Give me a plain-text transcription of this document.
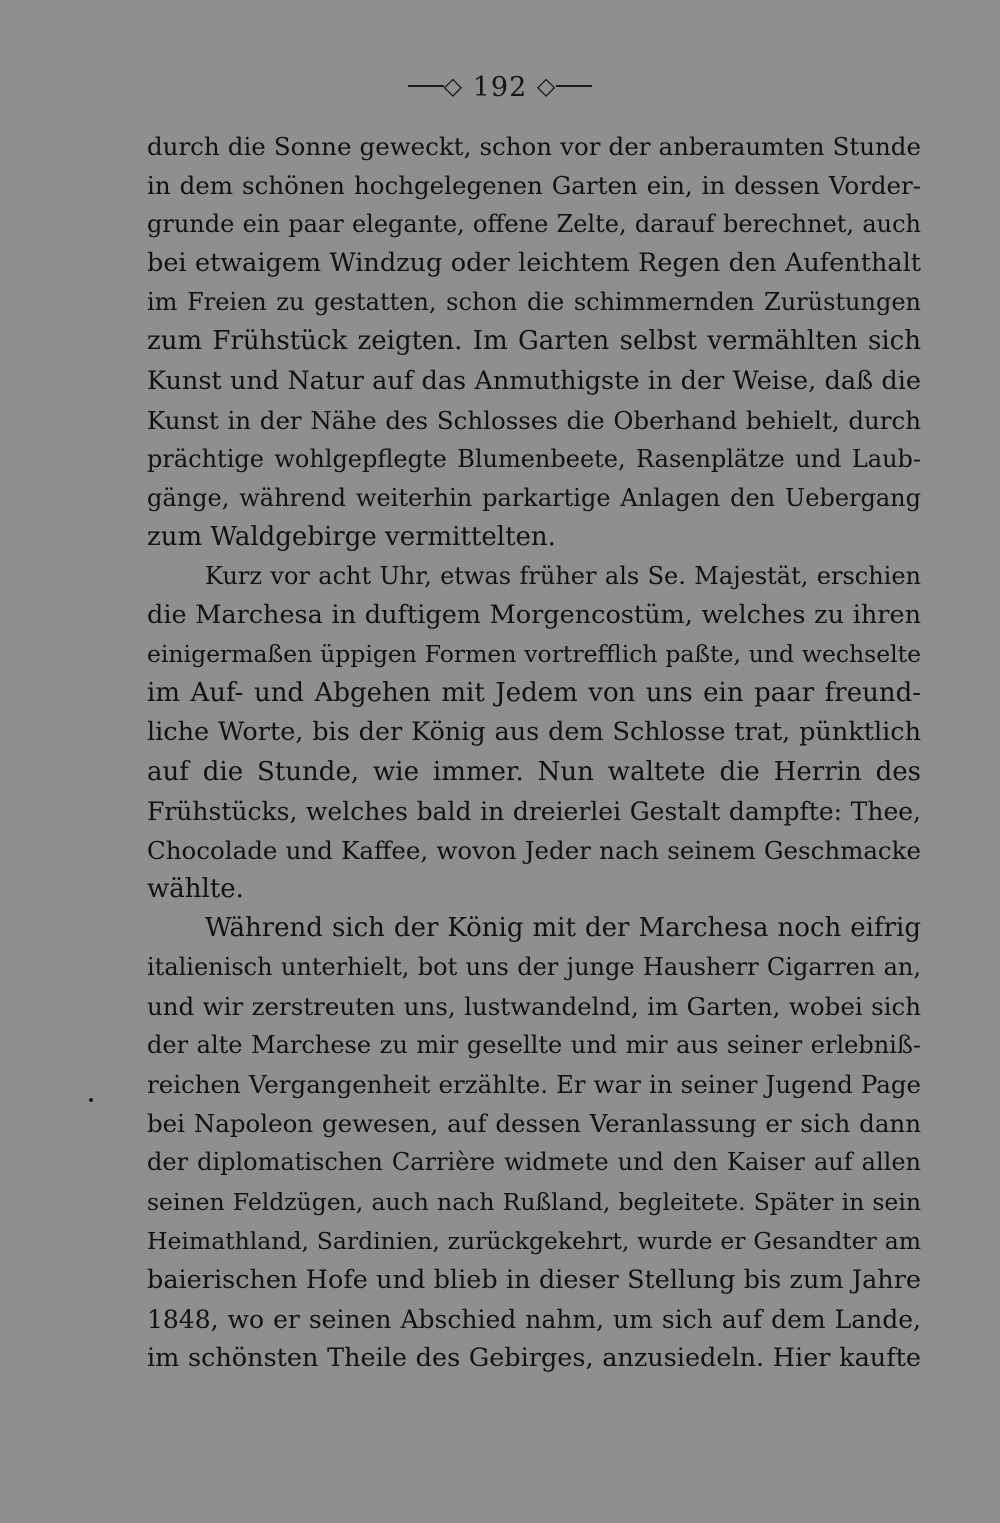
◇ 192 ◇
durch die Sonne geweckt, schon vor der anberaumten Stunde
in dem schönen hochgelegenen Garten ein, in dessen Vorder-
grunde ein paar elegante, offene Zelte, darauf berechnet, auch
bei etwaigem Windzug oder leichtem Regen den Aufenthalt
im Freien zu gestatten, schon die schimmernden Zurüstungen
zum Frühstück zeigten. Im Garten selbst vermählten sich
Kunst und Natur auf das Anmuthigste in der Weise, daß die
Kunst in der Nähe des Schlosses die Oberhand behielt, durch
prächtige wohlgepflegte Blumenbeete, Rasenplätze und Laub-
gänge, während weiterhin parkartige Anlagen den Uebergang
zum Waldgebirge vermittelten.
Kurz vor acht Uhr, etwas früher als Se. Majestät, erschien
die Marchesa in duftigem Morgencostüm, welches zu ihren
einigermaßen üppigen Formen vortrefflich paßte, und wechselte
im Auf- und Abgehen mit Jedem von uns ein paar freund-
liche Worte, bis der König aus dem Schlosse trat, pünktlich
auf die Stunde, wie immer. Nun waltete die Herrin des
Frühstücks, welches bald in dreierlei Gestalt dampfte: Thee,
Chocolade und Kaffee, wovon Jeder nach seinem Geschmacke
wählte.
Während sich der König mit der Marchesa noch eifrig
italienisch unterhielt, bot uns der junge Hausherr Cigarren an,
und wir zerstreuten uns, lustwandelnd, im Garten, wobei sich
der alte Marchese zu mir gesellte und mir aus seiner erlebniß-
reichen Vergangenheit erzählte. Er war in seiner Jugend Page
bei Napoleon gewesen, auf dessen Veranlassung er sich dann
der diplomatischen Carrière widmete und den Kaiser auf allen
seinen Feldzügen, auch nach Rußland, begleitete. Später in sein
Heimathland, Sardinien, zurückgekehrt, wurde er Gesandter am
baierischen Hofe und blieb in dieser Stellung bis zum Jahre
1848, wo er seinen Abschied nahm, um sich auf dem Lande,
im schönsten Theile des Gebirges, anzusiedeln. Hier kaufte
